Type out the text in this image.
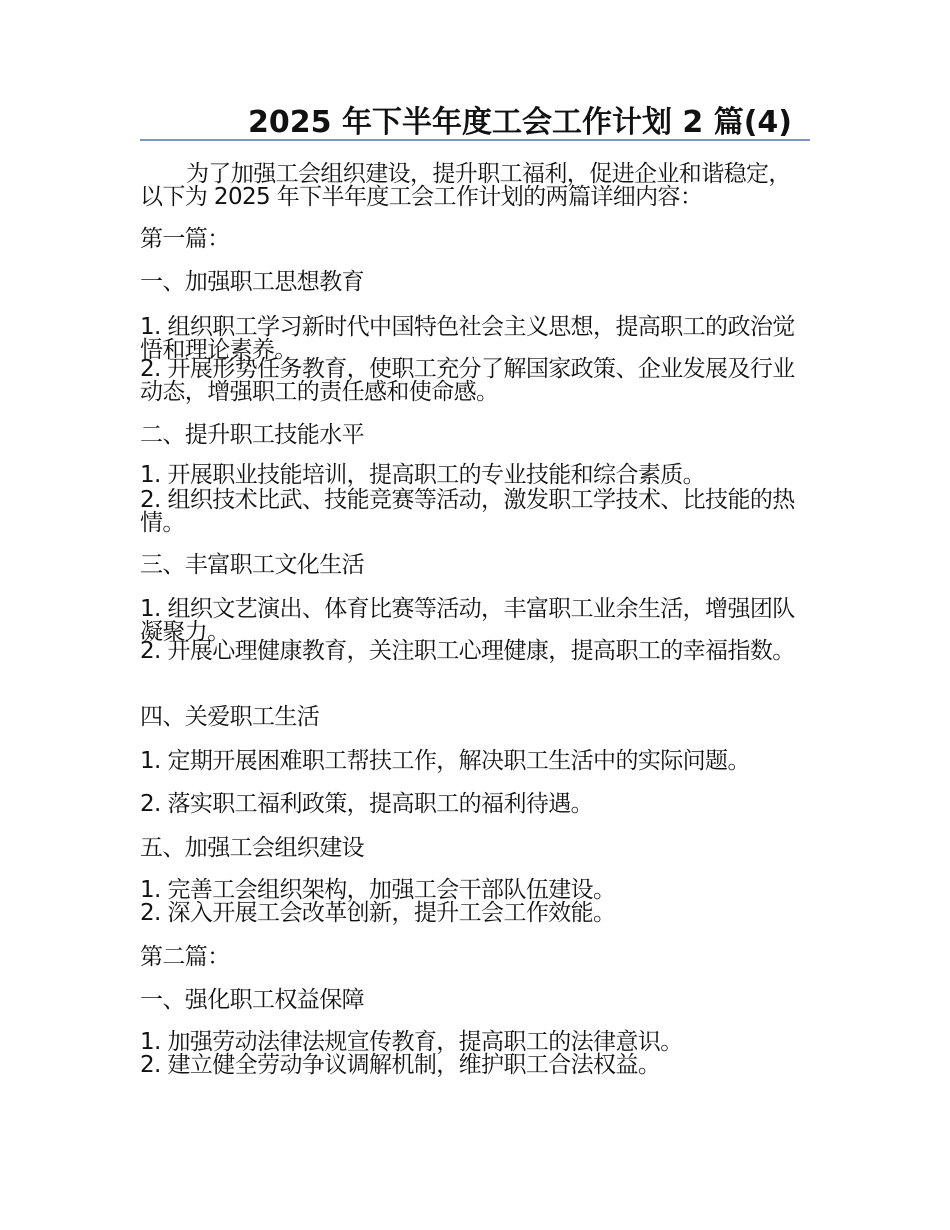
2025 年下半年度工会工作计划 2 篇(4)
为了加强工会组织建设，提升职工福利，促进企业和谐稳定，以下为 2025 年下半年度工会工作计划的两篇详细内容：
第一篇：
一、加强职工思想教育
1. 组织职工学习新时代中国特色社会主义思想，提高职工的政治觉悟和理论素养。
2. 开展形势任务教育，使职工充分了解国家政策、企业发展及行业动态，增强职工的责任感和使命感。
二、提升职工技能水平
1. 开展职业技能培训，提高职工的专业技能和综合素质。
2. 组织技术比武、技能竞赛等活动，激发职工学技术、比技能的热情。
三、丰富职工文化生活
1. 组织文艺演出、体育比赛等活动，丰富职工业余生活，增强团队凝聚力。
2. 开展心理健康教育，关注职工心理健康，提高职工的幸福指数。
四、关爱职工生活
1. 定期开展困难职工帮扶工作，解决职工生活中的实际问题。
2. 落实职工福利政策，提高职工的福利待遇。
五、加强工会组织建设
1. 完善工会组织架构，加强工会干部队伍建设。
2. 深入开展工会改革创新，提升工会工作效能。
第二篇：
一、强化职工权益保障
1. 加强劳动法律法规宣传教育，提高职工的法律意识。
2. 建立健全劳动争议调解机制，维护职工合法权益。
